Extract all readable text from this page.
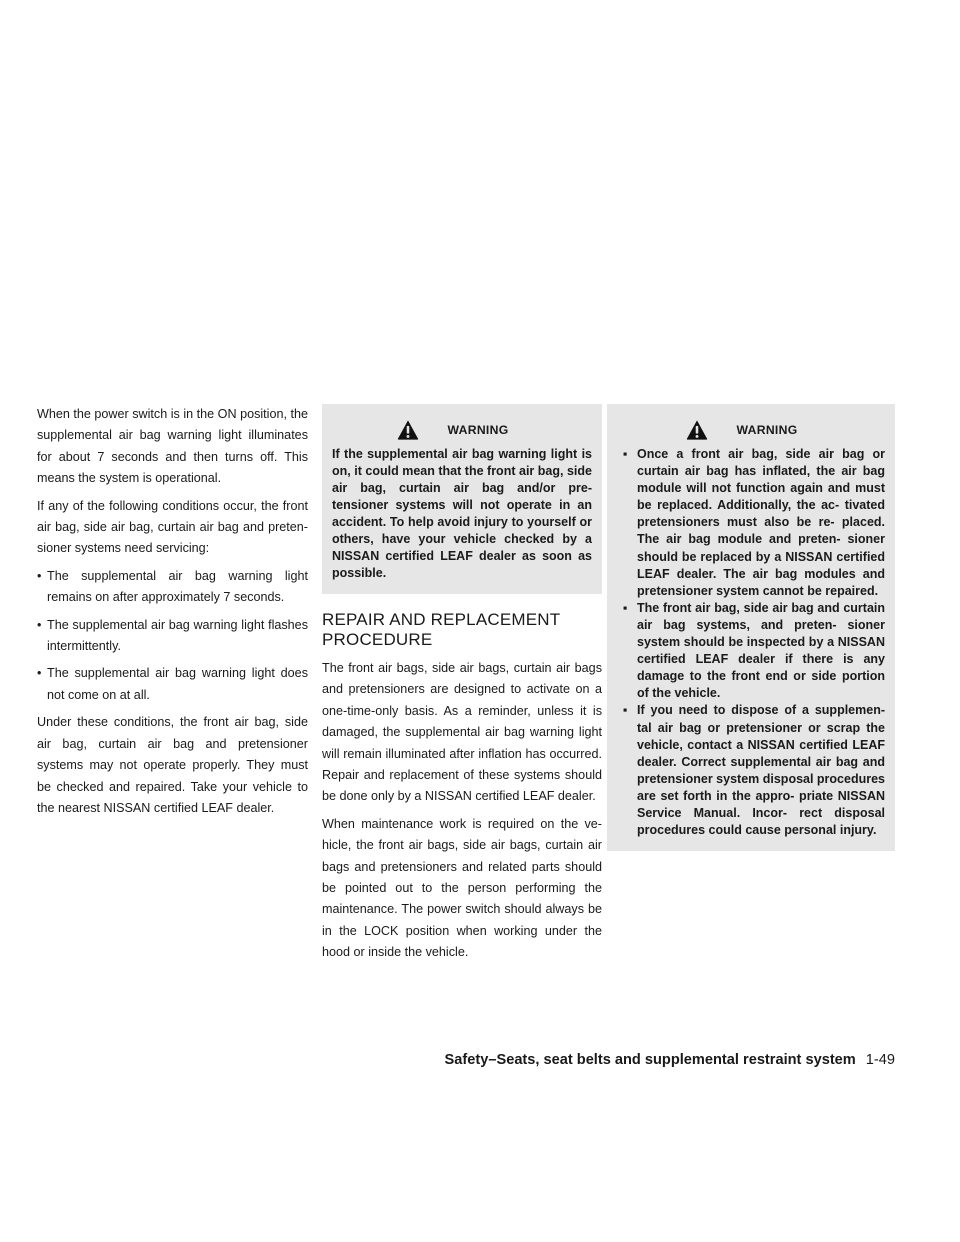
When the power switch is in the ON position, the supplemental air bag warning light illuminates for about 7 seconds and then turns off. This means the system is operational.

If any of the following conditions occur, the front air bag, side air bag, curtain air bag and preten- sioner systems need servicing:

• The supplemental air bag warning light remains on after approximately 7 seconds.
• The supplemental air bag warning light flashes intermittently.
• The supplemental air bag warning light does not come on at all.

Under these conditions, the front air bag, side air bag, curtain air bag and pretensioner systems may not operate properly. They must be checked and repaired. Take your vehicle to the nearest NISSAN certified LEAF dealer.

WARNING

If the supplemental air bag warning light is on, it could mean that the front air bag, side air bag, curtain air bag and/or pre- tensioner systems will not operate in an accident. To help avoid injury to yourself or others, have your vehicle checked by a NISSAN certified LEAF dealer as soon as possible.

REPAIR AND REPLACEMENT PROCEDURE

The front air bags, side air bags, curtain air bags and pretensioners are designed to activate on a one-time-only basis. As a reminder, unless it is damaged, the supplemental air bag warning light will remain illuminated after inflation has occurred. Repair and replacement of these systems should be done only by a NISSAN certified LEAF dealer.

When maintenance work is required on the ve- hicle, the front air bags, side air bags, curtain air bags and pretensioners and related parts should be pointed out to the person performing the maintenance. The power switch should always be in the LOCK position when working under the hood or inside the vehicle.

WARNING
▪ Once a front air bag, side air bag or curtain air bag has inflated, the air bag module will not function again and must be replaced. Additionally, the ac- tivated pretensioners must also be re- placed. The air bag module and preten- sioner should be replaced by a NISSAN certified LEAF dealer. The air bag modules and pretensioner system cannot be repaired.
▪ The front air bag, side air bag and curtain air bag systems, and preten- sioner system should be inspected by a NISSAN certified LEAF dealer if there is any damage to the front end or side portion of the vehicle.
▪ If you need to dispose of a supplemen- tal air bag or pretensioner or scrap the vehicle, contact a NISSAN certified LEAF dealer. Correct supplemental air bag and pretensioner system disposal procedures are set forth in the appro- priate NISSAN Service Manual. Incor- rect disposal procedures could cause personal injury.
Safety–Seats, seat belts and supplemental restraint system 1-49
